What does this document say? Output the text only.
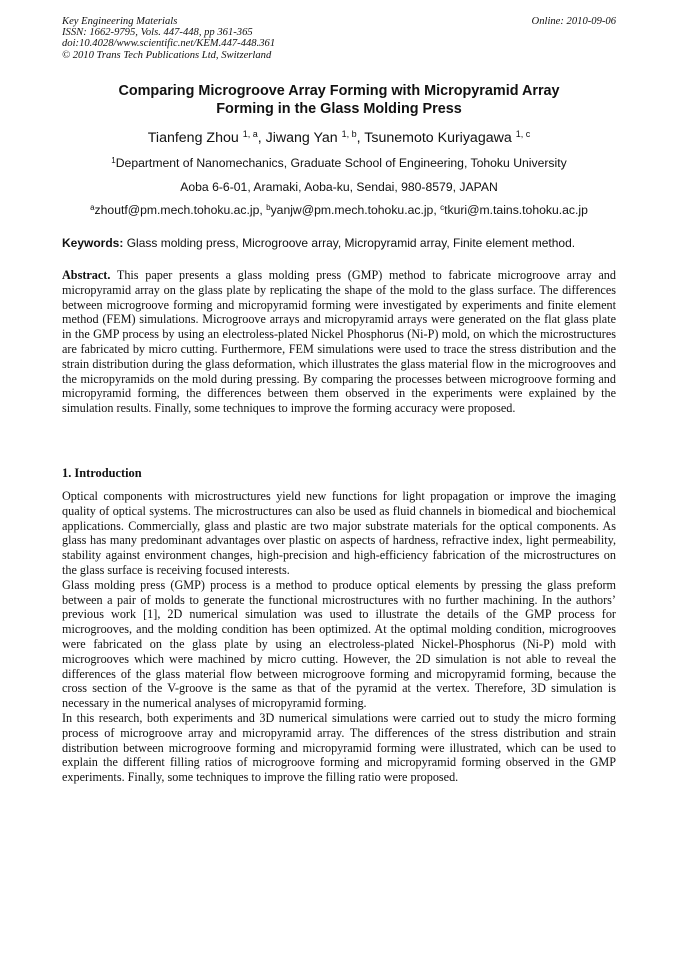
Key Engineering Materials
ISSN: 1662-9795, Vols. 447-448, pp 361-365
doi:10.4028/www.scientific.net/KEM.447-448.361
© 2010 Trans Tech Publications Ltd, Switzerland
Online: 2010-09-06
Comparing Microgroove Array Forming with Micropyramid Array
Forming in the Glass Molding Press
Tianfeng Zhou $^{1, a}$, Jiwang Yan $^{1, b}$, Tsunemoto Kuriyagawa $^{1, c}$
$^1$Department of Nanomechanics, Graduate School of Engineering, Tohoku University
Aoba 6-6-01, Aramaki, Aoba-ku, Sendai, 980-8579, JAPAN
$^a$zhoutf@pm.mech.tohoku.ac.jp, $^b$yanjw@pm.mech.tohoku.ac.jp, $^c$tkuri@m.tains.tohoku.ac.jp
Keywords: Glass molding press, Microgroove array, Micropyramid array, Finite element method.
Abstract. This paper presents a glass molding press (GMP) method to fabricate microgroove array and micropyramid array on the glass plate by replicating the shape of the mold to the glass surface. The differences between microgroove forming and micropyramid forming were investigated by experiments and finite element method (FEM) simulations. Microgroove arrays and micropyramid arrays were generated on the flat glass plate in the GMP process by using an electroless-plated Nickel Phosphorus (Ni-P) mold, on which the microstructures are fabricated by micro cutting. Furthermore, FEM simulations were used to trace the stress distribution and the strain distribution during the glass deformation, which illustrates the glass material flow in the microgrooves and the micropyramids on the mold during pressing. By comparing the processes between microgroove forming and micropyramid forming, the differences between them observed in the experiments were explained by the simulation results. Finally, some techniques to improve the forming accuracy were proposed.
1. Introduction

Optical components with microstructures yield new functions for light propagation or improve the imaging quality of optical systems. The microstructures can also be used as fluid channels in biomedical and biochemical applications. Commercially, glass and plastic are two major substrate materials for the optical components. As glass has many predominant advantages over plastic on aspects of hardness, refractive index, light permeability, stability against environment changes, high-precision and high-efficiency fabrication of the microstructures on the glass surface is receiving focused interests.

Glass molding press (GMP) process is a method to produce optical elements by pressing the glass preform between a pair of molds to generate the functional microstructures with no further machining. In the authors’ previous work [1], 2D numerical simulation was used to illustrate the details of the GMP process for microgrooves, and the molding condition has been optimized. At the optimal molding condition, microgrooves were fabricated on the glass plate by using an electroless-plated Nickel-Phosphorus (Ni-P) mold with microgrooves which were machined by micro cutting. However, the 2D simulation is not able to reveal the differences of the glass material flow between microgroove forming and micropyramid forming, because the cross section of the V-groove is the same as that of the pyramid at the vertex. Therefore, 3D simulation is necessary in the numerical analyses of micropyramid forming.

In this research, both experiments and 3D numerical simulations were carried out to study the micro forming process of microgroove array and micropyramid array. The differences of the stress distribution and strain distribution between microgroove forming and micropyramid forming were illustrated, which can be used to explain the different filling ratios of microgroove forming and micropyramid forming observed in the GMP experiments. Finally, some techniques to improve the filling ratio were proposed.
